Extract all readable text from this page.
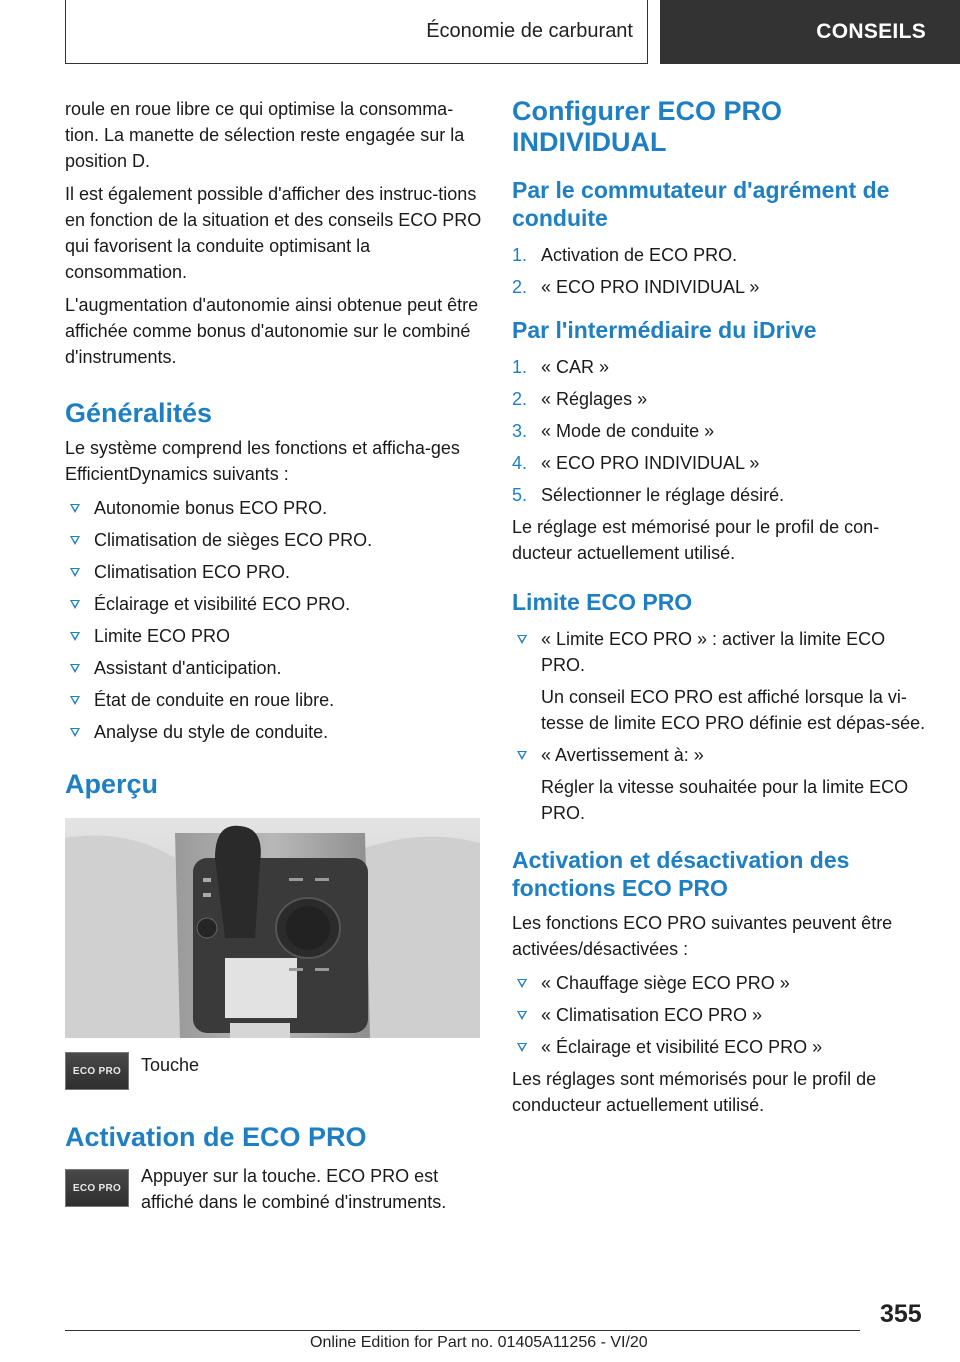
Économie de carburant	CONSEILS

roule en roue libre ce qui optimise la consomma-tion. La manette de sélection reste engagée sur la position D.

Il est également possible d'afficher des instruc-tions en fonction de la situation et des conseils ECO PRO qui favorisent la conduite optimisant la consommation.

L'augmentation d'autonomie ainsi obtenue peut être affichée comme bonus d'autonomie sur le combiné d'instruments.

Généralités

Le système comprend les fonctions et afficha-ges EfficientDynamics suivants :

Autonomie bonus ECO PRO.
Climatisation de sièges ECO PRO.
Climatisation ECO PRO.
Éclairage et visibilité ECO PRO.
Limite ECO PRO
Assistant d'anticipation.
État de conduite en roue libre.
Analyse du style de conduite.
Aperçu
ECO PRO	Touche

Activation de ECO PRO
ECO PRO

Appuyer sur la touche. ECO PRO est affiché dans le combiné d'instruments.

Configurer ECO PRO INDIVIDUAL
Par le commutateur d'agrément de conduite
1. Activation de ECO PRO.
2. « ECO PRO INDIVIDUAL »
Par l'intermédiaire du iDrive
1. « CAR »
2. « Réglages »
3. « Mode de conduite »
4. « ECO PRO INDIVIDUAL »
5. Sélectionner le réglage désiré.

Le réglage est mémorisé pour le profil de con-ducteur actuellement utilisé.

Limite ECO PRO
« Limite ECO PRO » : activer la limite ECO PRO.
Un conseil ECO PRO est affiché lorsque la vi-tesse de limite ECO PRO définie est dépas-sée.
« Avertissement à: »
Régler la vitesse souhaitée pour la limite ECO PRO.
Activation et désactivation des fonctions ECO PRO

Les fonctions ECO PRO suivantes peuvent être activées/désactivées :

« Chauffage siège ECO PRO »
« Climatisation ECO PRO »
« Éclairage et visibilité ECO PRO »

Les réglages sont mémorisés pour le profil de conducteur actuellement utilisé.

355
Online Edition for Part no. 01405A11256 - VI/20
